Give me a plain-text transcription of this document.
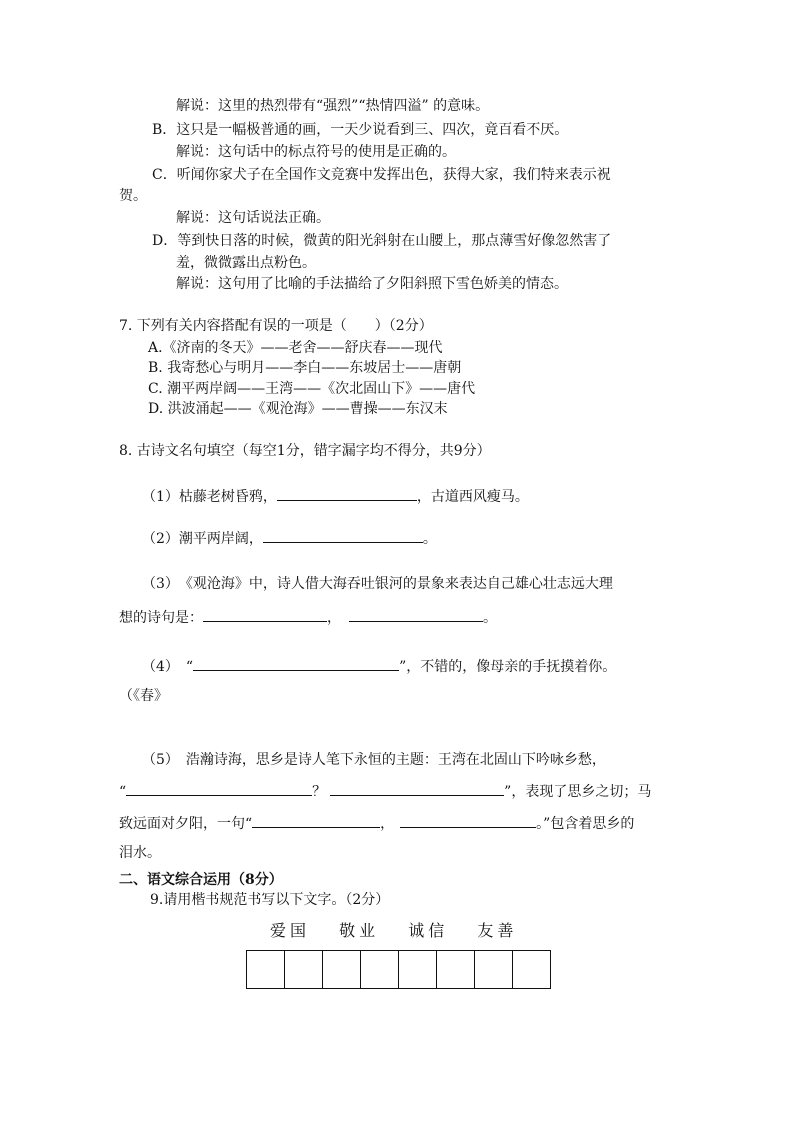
解说：这里的热烈带有“强烈”“热情四溢” 的意味。
B．这只是一幅极普通的画，一天少说看到三、四次，竟百看不厌。
解说：这句话中的标点符号的使用是正确的。
C．听闻你家犬子在全国作文竞赛中发挥出色，获得大家，我们特来表示祝
贺。
解说：这句话说法正确。
D．等到快日落的时候，微黄的阳光斜射在山腰上，那点薄雪好像忽然害了
羞，微微露出点粉色。
解说：这句用了比喻的手法描给了夕阳斜照下雪色娇美的情态。
7. 下列有关内容搭配有误的一项是（　　）（2分）
A.《济南的冬天》——老舍——舒庆春——现代
B. 我寄愁心与明月——李白——东坡居士——唐朝
C. 潮平两岸阔——王湾——《次北固山下》——唐代
D. 洪波涌起——《观沧海》——曹操——东汉末
8. 古诗文名句填空（每空1分，错字漏字均不得分，共9分）
（1）枯藤老树昏鸦，	，古道西风瘦马。
（2）潮平两岸阔，	。
（3）　《观沧海》中，诗人借大海吞吐银河的景象来表达自己雄心壮志远大理
想的诗句是：	，	。
（4）　“	”，不错的，像母亲的手抚摸着你。
（《春》
（5）　浩瀚诗海，思乡是诗人笔下永恒的主题：王湾在北固山下吟咏乡愁，
“	？	”，表现了思乡之切；马
致远面对夕阳，一句“	，	。”包含着思乡的
泪水。
二、语文综合运用（8分）
9.请用楷书规范书写以下文字。（2分）
爱国 敬业 诚信 友善
